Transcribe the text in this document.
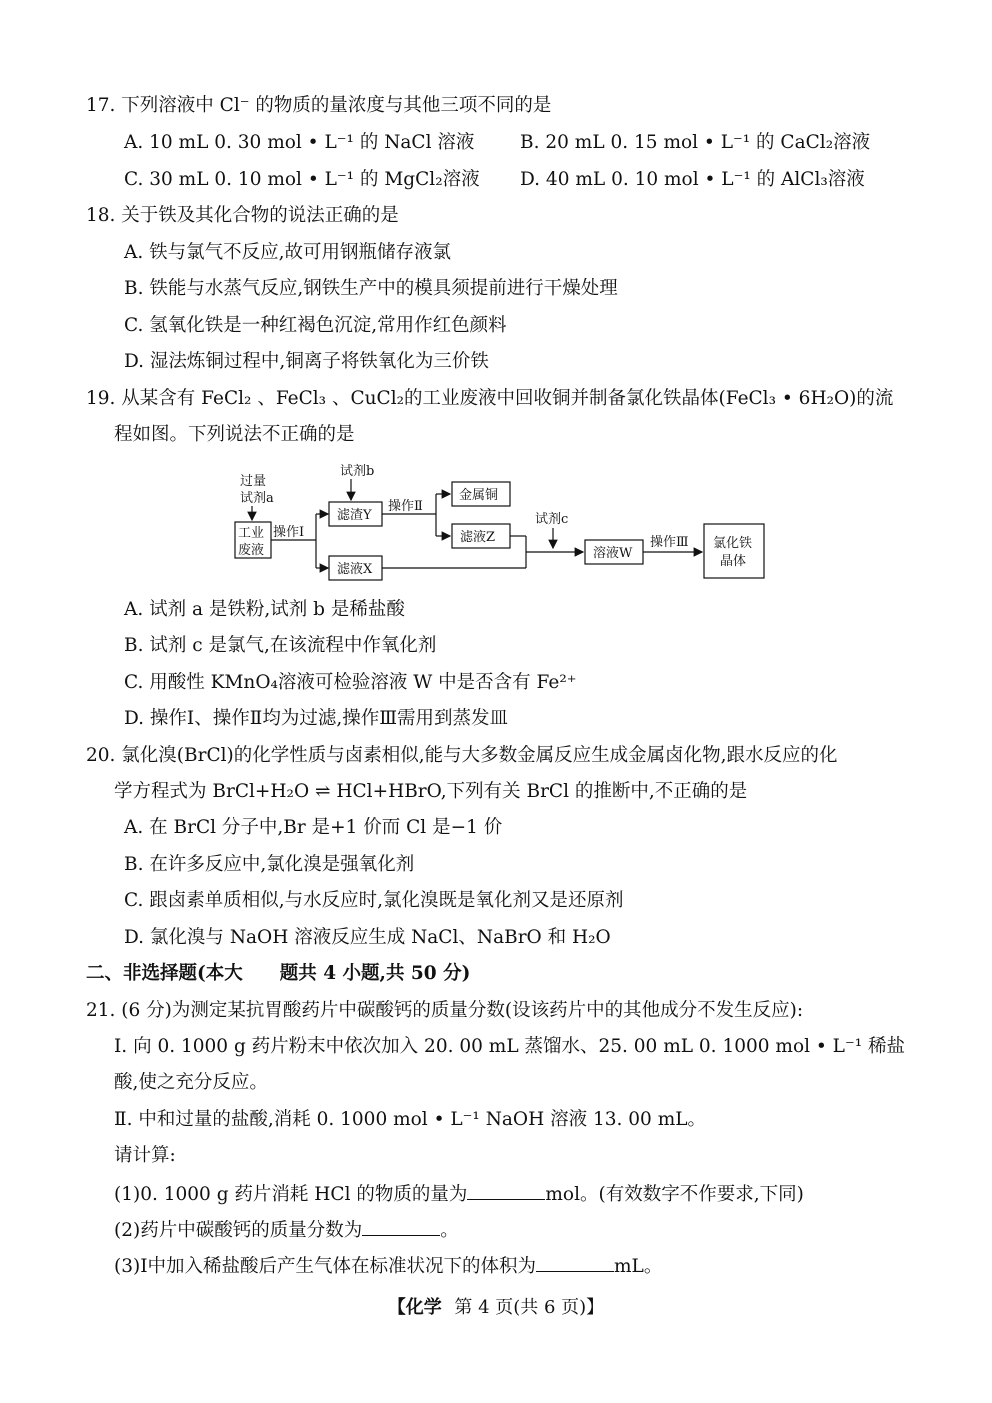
17. 下列溶液中 Cl⁻ 的物质的量浓度与其他三项不同的是
A. 10 mL 0. 30 mol • L⁻¹ 的 NaCl 溶液 B. 20 mL 0. 15 mol • L⁻¹ 的 CaCl₂溶液
C. 30 mL 0. 10 mol • L⁻¹ 的 MgCl₂溶液 D. 40 mL 0. 10 mol • L⁻¹ 的 AlCl₃溶液
18. 关于铁及其化合物的说法正确的是
A. 铁与氯气不反应,故可用钢瓶储存液氯
B. 铁能与水蒸气反应,钢铁生产中的模具须提前进行干燥处理
C. 氢氧化铁是一种红褐色沉淀,常用作红色颜料
D. 湿法炼铜过程中,铜离子将铁氧化为三价铁
19. 从某含有 FeCl₂ 、FeCl₃ 、CuCl₂的工业废液中回收铜并制备氯化铁晶体(FeCl₃ • 6H₂O)的流
程如图。下列说法不正确的是
过量
试剂a
工业
废液
操作Ⅰ
试剂b
滤渣Y
滤液X
操作Ⅱ
金属铜
滤液Z
试剂c
溶液W
操作Ⅲ 氯化铁
晶体
A. 试剂 a 是铁粉,试剂 b 是稀盐酸
B. 试剂 c 是氯气,在该流程中作氧化剂
C. 用酸性 KMnO₄溶液可检验溶液 W 中是否含有 Fe²⁺
D. 操作Ⅰ、操作Ⅱ均为过滤,操作Ⅲ需用到蒸发皿
20. 氯化溴(BrCl)的化学性质与卤素相似,能与大多数金属反应生成金属卤化物,跟水反应的化
学方程式为 BrCl+H₂O ⇌ HCl+HBrO,下列有关 BrCl 的推断中,不正确的是
A. 在 BrCl 分子中,Br 是+1 价而 Cl 是−1 价
B. 在许多反应中,氯化溴是强氧化剂
C. 跟卤素单质相似,与水反应时,氯化溴既是氧化剂又是还原剂
D. 氯化溴与 NaOH 溶液反应生成 NaCl、NaBrO 和 H₂O
二、非选择题(本大　　题共 4 小题,共 50 分)
21. (6 分)为测定某抗胃酸药片中碳酸钙的质量分数(设该药片中的其他成分不发生反应):
Ⅰ. 向 0. 1000 g 药片粉末中依次加入 20. 00 mL 蒸馏水、25. 00 mL 0. 1000 mol • L⁻¹ 稀盐
酸,使之充分反应。
Ⅱ. 中和过量的盐酸,消耗 0. 1000 mol • L⁻¹ NaOH 溶液 13. 00 mL。
请计算:
(1)0. 1000 g 药片消耗 HCl 的物质的量为	mol。(有效数字不作要求,下同)
(2)药片中碳酸钙的质量分数为	。
(3)Ⅰ中加入稀盐酸后产生气体在标准状况下的体积为	mL。
【化学 第 4 页(共 6 页)】
